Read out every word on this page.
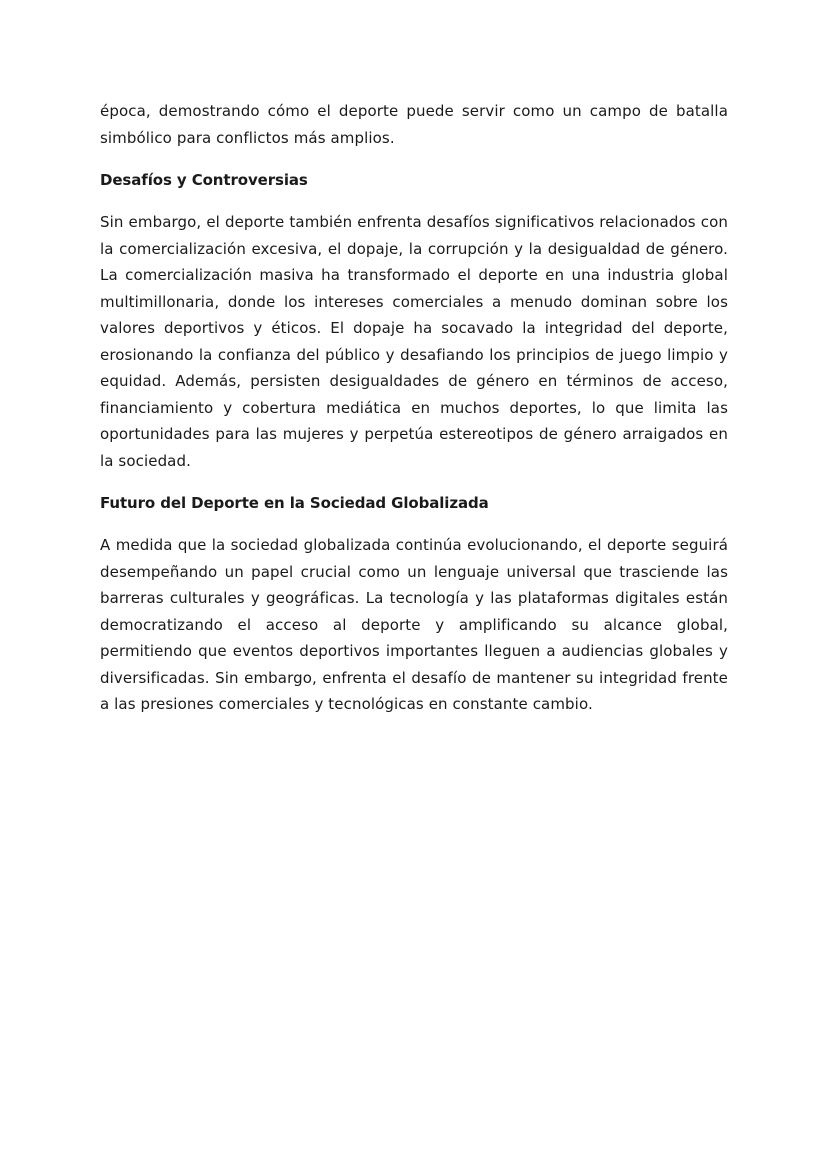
época, demostrando cómo el deporte puede servir como un campo de batalla simbólico para conflictos más amplios.

Desafíos y Controversias

Sin embargo, el deporte también enfrenta desafíos significativos relacionados con la comercialización excesiva, el dopaje, la corrupción y la desigualdad de género. La comercialización masiva ha transformado el deporte en una industria global multimillonaria, donde los intereses comerciales a menudo dominan sobre los valores deportivos y éticos. El dopaje ha socavado la integridad del deporte, erosionando la confianza del público y desafiando los principios de juego limpio y equidad. Además, persisten desigualdades de género en términos de acceso, financiamiento y cobertura mediática en muchos deportes, lo que limita las oportunidades para las mujeres y perpetúa estereotipos de género arraigados en la sociedad.

Futuro del Deporte en la Sociedad Globalizada

A medida que la sociedad globalizada continúa evolucionando, el deporte seguirá desempeñando un papel crucial como un lenguaje universal que trasciende las barreras culturales y geográficas. La tecnología y las plataformas digitales están democratizando el acceso al deporte y amplificando su alcance global, permitiendo que eventos deportivos importantes lleguen a audiencias globales y diversificadas. Sin embargo, enfrenta el desafío de mantener su integridad frente a las presiones comerciales y tecnológicas en constante cambio.
